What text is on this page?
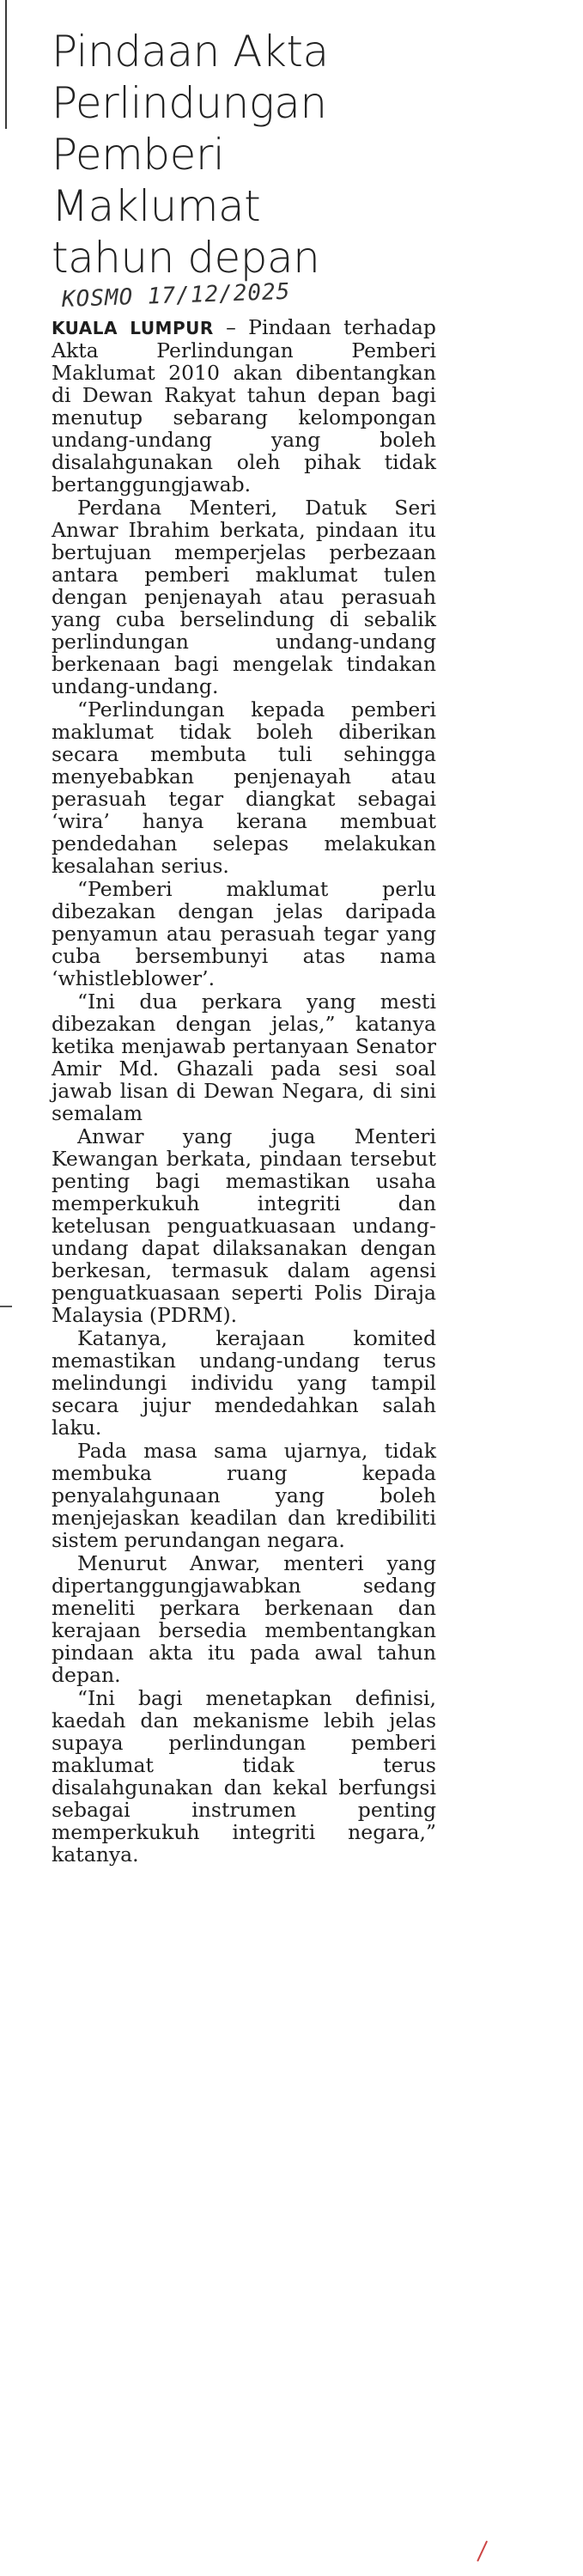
Pindaan Akta
Perlindungan
Pemberi
Maklumat
tahun depan
KOSMO 17/12/2025

KUALA LUMPUR – Pindaan terhadap Akta Perlindungan Pemberi Maklumat 2010 akan dibentangkan di Dewan Rakyat tahun depan bagi menutup sebarang kelompongan undang-undang yang boleh disalahgunakan oleh pihak tidak bertanggungjawab.

Perdana Menteri, Datuk Seri Anwar Ibrahim berkata, pindaan itu bertujuan memperjelas perbezaan antara pemberi maklumat tulen dengan penjenayah atau perasuah yang cuba berselindung di sebalik perlindungan undang-undang berkenaan bagi mengelak tindakan undang-undang.

“Perlindungan kepada pemberi maklumat tidak boleh diberikan secara membuta tuli sehingga menyebabkan penjenayah atau perasuah tegar diangkat sebagai ‘wira’ hanya kerana membuat pendedahan selepas melakukan kesalahan serius.

“Pemberi maklumat perlu dibezakan dengan jelas daripada penyamun atau perasuah tegar yang cuba bersembunyi atas nama ‘whistleblower’.

“Ini dua perkara yang mesti dibezakan dengan jelas,” katanya ketika menjawab pertanyaan Senator Amir Md. Ghazali pada sesi soal jawab lisan di Dewan Negara, di sini semalam

Anwar yang juga Menteri Kewangan berkata, pindaan tersebut penting bagi memastikan usaha memperkukuh integriti dan ketelusan penguatkuasaan undang-undang dapat dilaksanakan dengan berkesan, termasuk dalam agensi penguatkuasaan seperti Polis Diraja Malaysia (PDRM).

Katanya, kerajaan komited memastikan undang-undang terus melindungi individu yang tampil secara jujur mendedahkan salah laku.

Pada masa sama ujarnya, tidak membuka ruang kepada penyalahgunaan yang boleh menjejaskan keadilan dan kredibiliti sistem perundangan negara.

Menurut Anwar, menteri yang dipertanggungjawabkan sedang meneliti perkara berkenaan dan kerajaan bersedia membentangkan pindaan akta itu pada awal tahun depan.

“Ini bagi menetapkan definisi, kaedah dan mekanisme lebih jelas supaya perlindungan pemberi maklumat tidak terus disalahgunakan dan kekal berfungsi sebagai instrumen penting memperkukuh integriti negara,” katanya.
